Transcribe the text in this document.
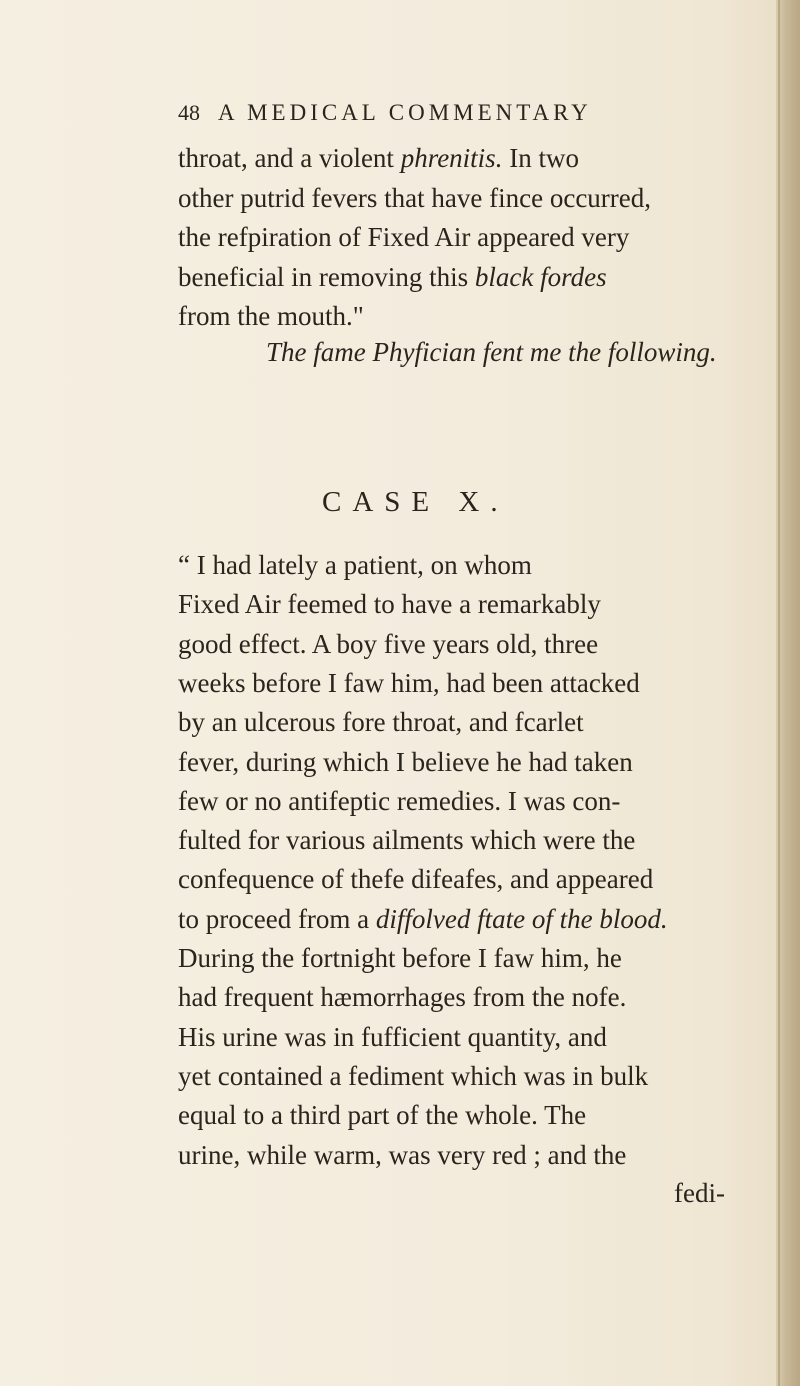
48 A MEDICAL COMMENTARY
throat, and a violent phrenitis. In two
other putrid fevers that have fince occurred,
the refpiration of Fixed Air appeared very
beneficial in removing this black fordes
from the mouth."
The fame Phyfician fent me the following.
CASE X.
“ I had lately a patient, on whom
Fixed Air feemed to have a remarkably
good effect. A boy five years old, three
weeks before I faw him, had been attacked
by an ulcerous fore throat, and fcarlet
fever, during which I believe he had taken
few or no antifeptic remedies. I was con-
fulted for various ailments which were the
confequence of thefe difeafes, and appeared
to proceed from a diffolved ftate of the blood.
During the fortnight before I faw him, he
had frequent hæmorrhages from the nofe.
His urine was in fufficient quantity, and
yet contained a fediment which was in bulk
equal to a third part of the whole. The
urine, while warm, was very red ; and the
fedi-
